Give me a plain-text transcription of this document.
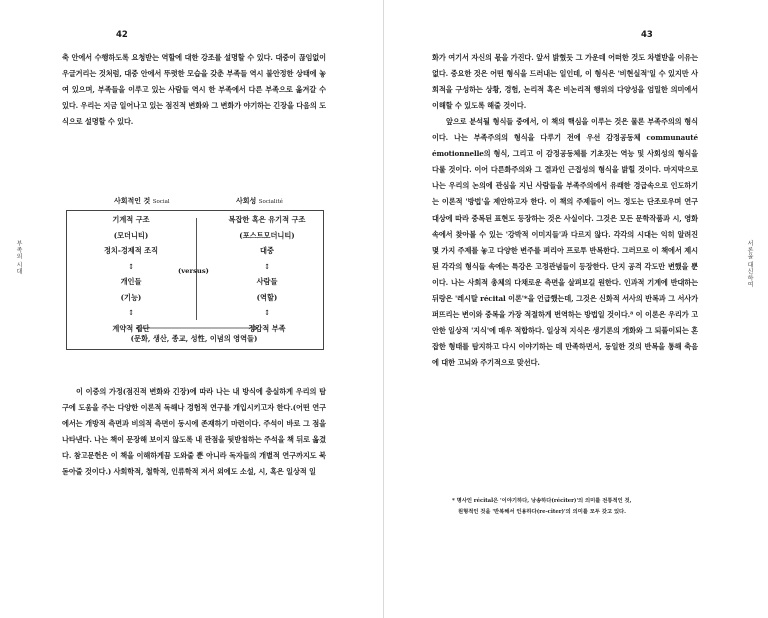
42
부족의 시대

축 안에서 수행하도록 요청받는 역할에 대한 강조를 설명할 수 있다. 대중이 끊임없이 우글거리는 것처럼, 대중 안에서 뚜렷한 모습을 갖춘 부족들 역시 불안정한 상태에 놓여 있으며, 부족들을 이루고 있는 사람들 역시 한 부족에서 다른 부족으로 옮겨갈 수 있다. 우리는 지금 일어나고 있는 점진적 변화와 그 변화가 야기하는 긴장을 다음의 도식으로 설명할 수 있다.

사회적인 것 Social	사회성 Socialité
기계적 구조
(모더니티)
정치-경제적 조직
↕
개인들
(기능)
↕
계약적 집단
복잡한 혹은 유기적 구조
(포스트모더니티)
대중
↕
사람들
(역할)
↕
정감적 부족
(versus)
(문화, 생산, 종교, 성性, 이념의 영역들)

이 이중의 가정(점진적 변화와 긴장)에 따라 나는 내 방식에 충실하게 우리의 탐구에 도움을 주는 다양한 이론적 독해나 경험적 연구를 개입시키고자 한다.(어떤 연구에서는 개방적 측면과 비의적 측면이 동시에 존재하기 마련이다. 주석이 바로 그 점을 나타낸다. 나는 책이 문장해 보이지 않도록 내 관점을 뒷받침하는 주석을 책 뒤로 옮겼다. 참고문헌은 이 책을 이해하게끔 도와줄 뿐 아니라 독자들의 개별적 연구까지도 북돋아줄 것이다.) 사회학적, 철학적, 인류학적 저서 외에도 소설, 시, 혹은 일상적 일

43
서론을 대신하여

화가 여기서 자신의 몫을 가진다. 앞서 밝혔듯 그 가운데 어떠한 것도 차별받을 이유는 없다. 중요한 것은 어떤 형식을 드러내는 일인데, 이 형식은 '비현실적'일 수 있지만 사회적을 구성하는 상황, 경험, 논리적 혹은 비논리적 행위의 다양성을 엄밀한 의미에서 이해할 수 있도록 해줄 것이다.

앞으로 분석될 형식들 중에서, 이 책의 핵심을 이루는 것은 물론 부족주의의 형식이다. 나는 부족주의의 형식을 다루기 전에 우선 감정공동체 communauté émotionnelle의 형식, 그리고 이 감정공동체를 기초짓는 역능 및 사회성의 형식을 다룰 것이다. 이어 다른화주의와 그 결과인 근접성의 형식을 밝힐 것이다. 마지막으로 나는 우리의 논의에 관심을 지닌 사람들을 부족주의에서 유래한 경급속으로 인도하기는 이론적 '방법'을 제안하고자 한다. 이 책의 주제들이 어느 정도는 단조로우며 연구 대상에 따라 중복된 표현도 등장하는 것은 사실이다. 그것은 모든 문학작품과 시, 영화 속에서 찾아볼 수 있는 '강박적 이미지들'과 다르지 않다. 각각의 시대는 익히 알려진 몇 가지 주제를 놓고 다양한 변주를 펴리아 프로투 반복한다. 그러므로 이 책에서 제시된 각각의 형식들 속에는 특강은 고정관념들이 등장한다. 단지 공격 각도만 변했을 뿐이다. 나는 사회적 총체의 다채로운 측면을 살펴보길 원한다. 인과적 기계에 반대하는 뒤랑은 '레시탈 récital 이론'*을 언급했는데, 그것은 신화적 서사의 반복과 그 서사가 퍼뜨리는 변이와 중복을 가장 적절하게 번역하는 방법일 것이다.⁸ 이 이론은 우리가 고안한 일상적 '지식'에 매우 적합하다. 일상적 지식은 생기론의 개화와 그 되풀이되는 혼잡한 형태를 탐지하고 다시 이야기하는 데 만족하면서, 동일한 것의 반복을 통해 축음에 대한 고뇌와 주기적으로 맞선다.

* 명사인 récital은 '이야기하다, 낭송하다(réciter)'의 의미를 전통적인 것,
원형적인 것을 '반복해서 인용하다(re-citer)'의 의미를 모두 갖고 있다.
